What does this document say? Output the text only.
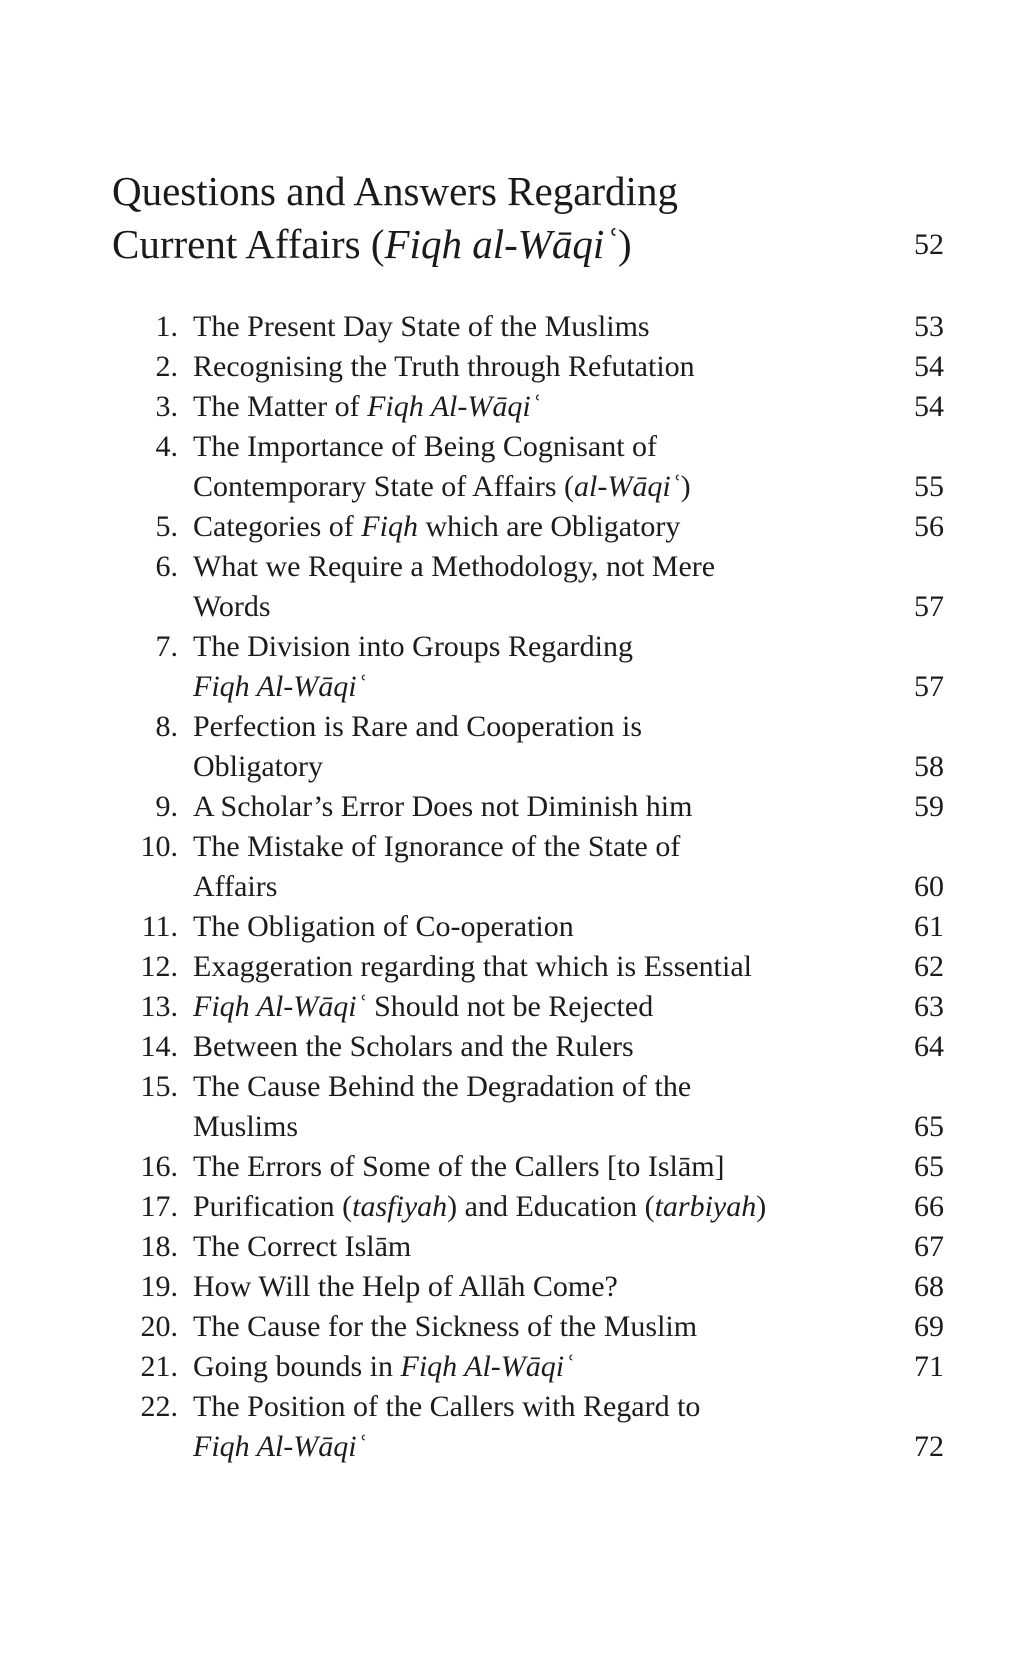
Questions and Answers Regarding
Current Affairs (Fiqh al-Wāqiʿ)	52
1. The Present Day State of the Muslims	53
2. Recognising the Truth through Refutation	54
3. The Matter of Fiqh Al-Wāqiʿ	54
4. The Importance of Being Cognisant of
Contemporary State of Affairs (al-Wāqiʿ)	55
5. Categories of Fiqh which are Obligatory	56
6. What we Require a Methodology, not Mere
Words	57
7. The Division into Groups Regarding
Fiqh Al-Wāqiʿ	57
8. Perfection is Rare and Cooperation is
Obligatory	58
9. A Scholar’s Error Does not Diminish him	59
10. The Mistake of Ignorance of the State of
Affairs	60
11. The Obligation of Co-operation	61
12. Exaggeration regarding that which is Essential	62
13. Fiqh Al-Wāqiʿ Should not be Rejected	63
14. Between the Scholars and the Rulers	64
15. The Cause Behind the Degradation of the
Muslims	65
16. The Errors of Some of the Callers [to Islām]	65
17. Purification (tasfiyah) and Education (tarbiyah)	66
18. The Correct Islām	67
19. How Will the Help of Allāh Come?	68
20. The Cause for the Sickness of the Muslim	69
21. Going bounds in Fiqh Al-Wāqiʿ	71
22. The Position of the Callers with Regard to
Fiqh Al-Wāqiʿ	72
